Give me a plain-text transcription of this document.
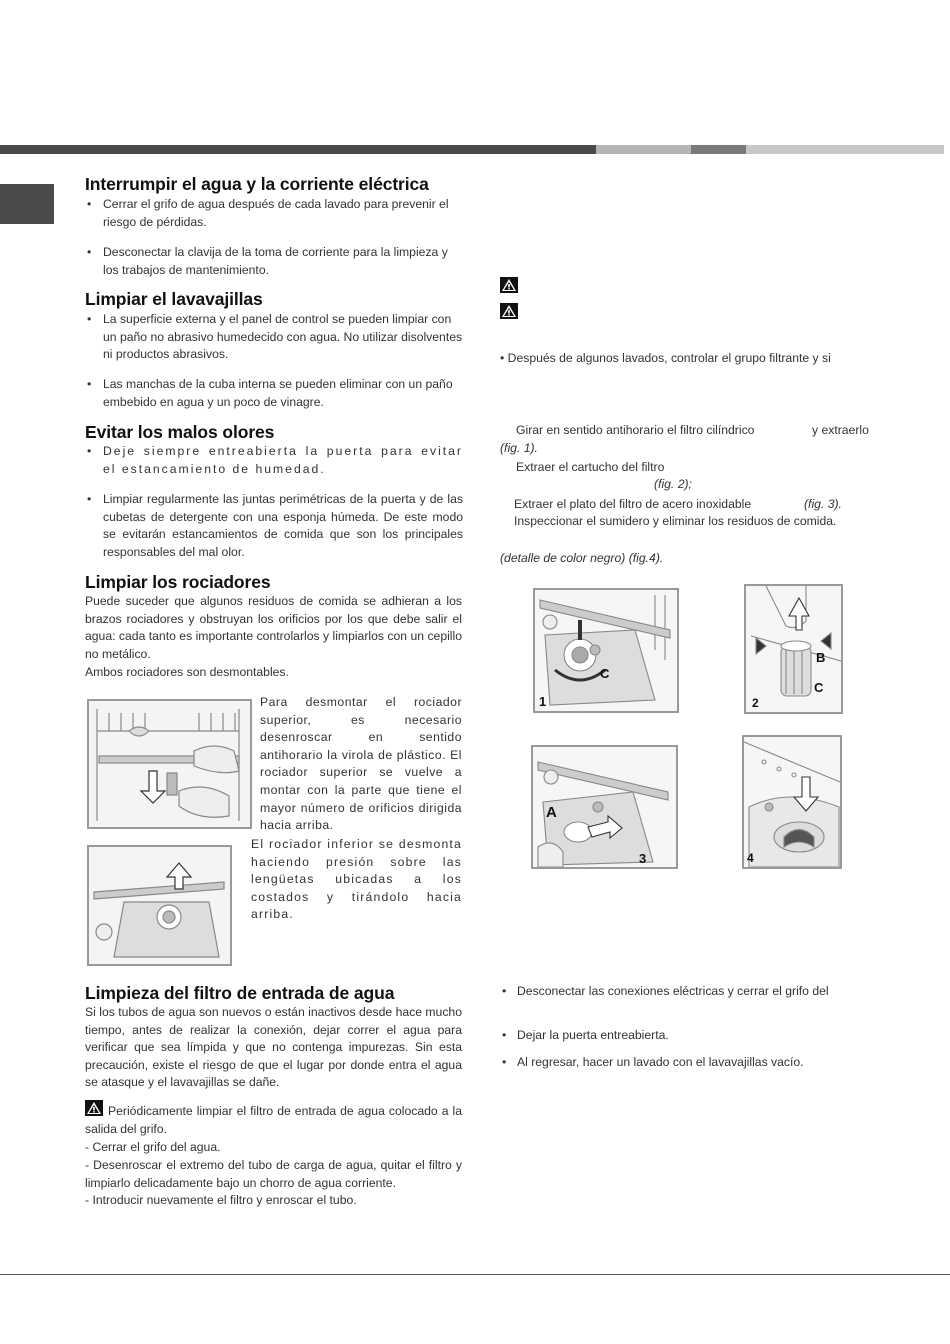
Interrumpir el agua y la corriente eléctrica
• Cerrar el grifo de agua después de cada lavado para prevenir el riesgo de pérdidas.
• Desconectar la clavija de la toma de corriente para la limpieza y los trabajos de mantenimiento.
Limpiar el lavavajillas
• La superficie externa y el panel de control se pueden limpiar con un paño no abrasivo humedecido con agua. No utilizar disolventes ni productos abrasivos.
• Las manchas de la cuba interna se pueden eliminar con un paño embebido en agua y un poco de vinagre.
Evitar los malos olores
• Deje siempre entreabierta la puerta para evitar el estancamiento de humedad.
• Limpiar regularmente las juntas perimétricas de la puerta y de las cubetas de detergente con una esponja húmeda. De este modo se evitarán estancamientos de comida que son los principales responsables del mal olor.
Limpiar los rociadores
Puede suceder que algunos residuos de comida se adhieran a los brazos rociadores y obstruyan los orificios por los que debe salir el agua: cada tanto es importante controlarlos y limpiarlos con un cepillo no metálico.
Ambos rociadores son desmontables.
Para desmontar el rociador superior, es necesario desenroscar en sentido antihorario la virola de plástico. El rociador superior se vuelve a montar con la parte que tiene el mayor número de orificios dirigida hacia arriba.
El rociador inferior se desmonta haciendo presión sobre las lengüetas ubicadas a los costados y tirándolo hacia arriba.
Limpieza del filtro de entrada de agua
Si los tubos de agua son nuevos o están inactivos desde hace mucho tiempo, antes de realizar la conexión, dejar correr el agua para verificar que sea límpida y que no contenga impurezas. Sin esta precaución, existe el riesgo de que el lugar por donde entra el agua se atasque y el lavavajillas se dañe.
Periódicamente limpiar el filtro de entrada de agua colocado a la salida del grifo.
- Cerrar el grifo del agua.
- Desenroscar el extremo del tubo de carga de agua, quitar el filtro y limpiarlo delicadamente bajo un chorro de agua corriente.
- Introducir nuevamente el filtro y enroscar el tubo.
• Después de algunos lavados, controlar el grupo filtrante y si
Girar en sentido antihorario el filtro cilíndrico	y extraerlo
(fig. 1).
Extraer el cartucho del filtro
(fig. 2);
Extraer el plato del filtro de acero inoxidable	(fig. 3).
Inspeccionar el sumidero y eliminar los residuos de comida.
(detalle de color negro) (fig.4).
1
C
2
B
C
3
A
4
• Desconectar las conexiones eléctricas y cerrar el grifo del
• Dejar la puerta entreabierta.
• Al regresar, hacer un lavado con el lavavajillas vacío.
